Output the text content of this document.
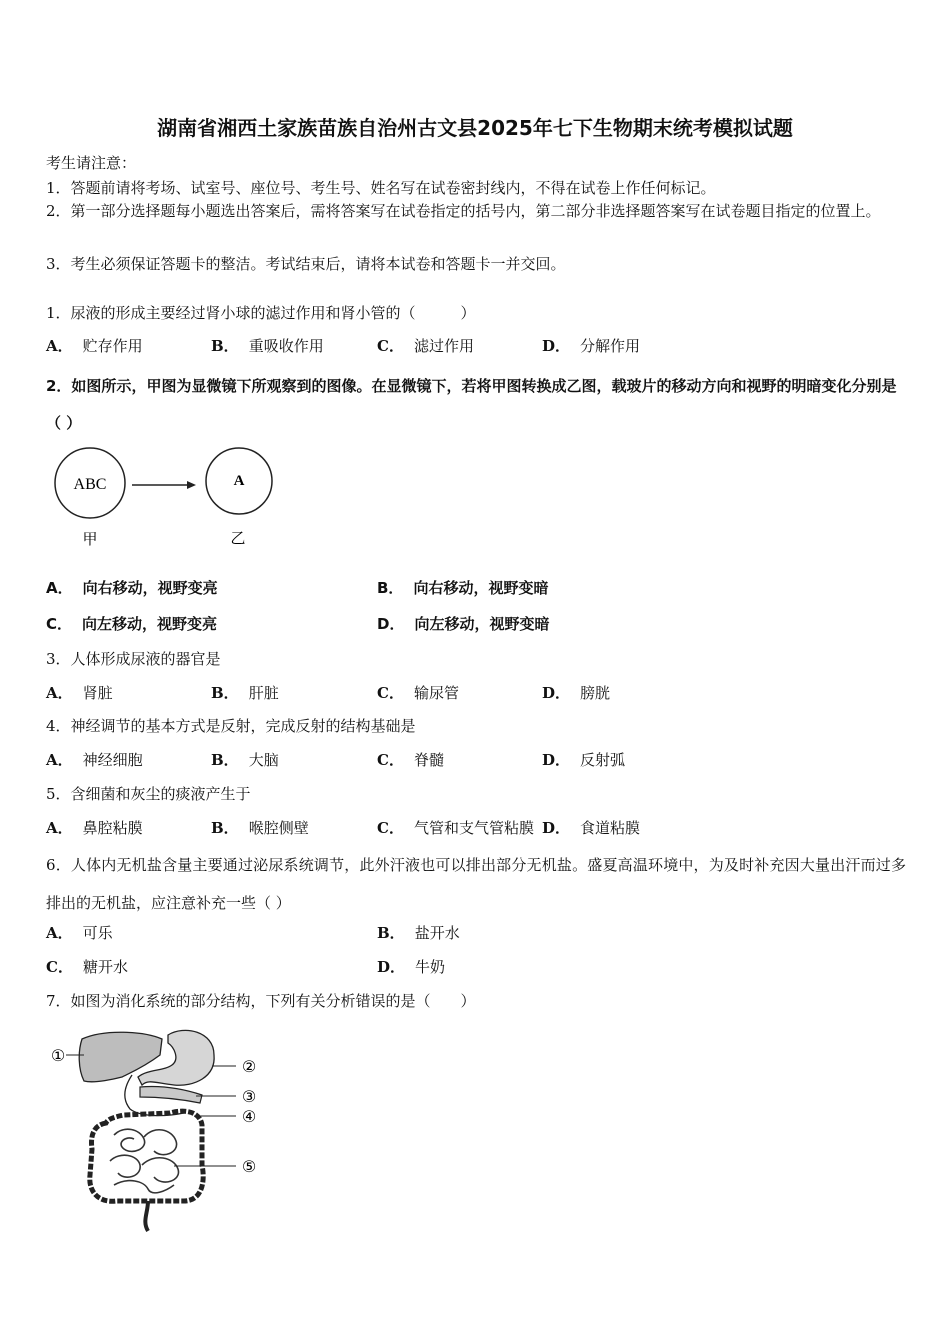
湖南省湘西土家族苗族自治州古文县2025年七下生物期末统考模拟试题
考生请注意：
1．答题前请将考场、试室号、座位号、考生号、姓名写在试卷密封线内，不得在试卷上作任何标记。
2．第一部分选择题每小题选出答案后，需将答案写在试卷指定的括号内，第二部分非选择题答案写在试卷题目指定的位置上。
3．考生必须保证答题卡的整洁。考试结束后，请将本试卷和答题卡一并交回。
1．尿液的形成主要经过肾小球的滤过作用和肾小管的（　　　）
A． 贮存作用	B． 重吸收作用	C． 滤过作用	D． 分解作用
2．如图所示，甲图为显微镜下所观察到的图像。在显微镜下，若将甲图转换成乙图，载玻片的移动方向和视野的明暗变化分别是（ ）
ABC	A
甲	乙
A． 向右移动，视野变亮	B． 向右移动，视野变暗
C． 向左移动，视野变亮	D． 向左移动，视野变暗
3．人体形成尿液的器官是
A． 肾脏	B． 肝脏	C． 输尿管	D． 膀胱
4．神经调节的基本方式是反射，完成反射的结构基础是
A． 神经细胞	B． 大脑	C． 脊髓	D． 反射弧
5．含细菌和灰尘的痰液产生于
A． 鼻腔粘膜	B． 喉腔侧壁	C． 气管和支气管粘膜 D． 食道粘膜
6．人体内无机盐含量主要通过泌尿系统调节，此外汗液也可以排出部分无机盐。盛夏高温环境中，为及时补充因大量出汗而过多排出的无机盐，应注意补充一些（ ）
A． 可乐	B． 盐开水
C． 糖开水	D． 牛奶
7．如图为消化系统的部分结构，下列有关分析错误的是（　　）
①
②
③
④
⑤
